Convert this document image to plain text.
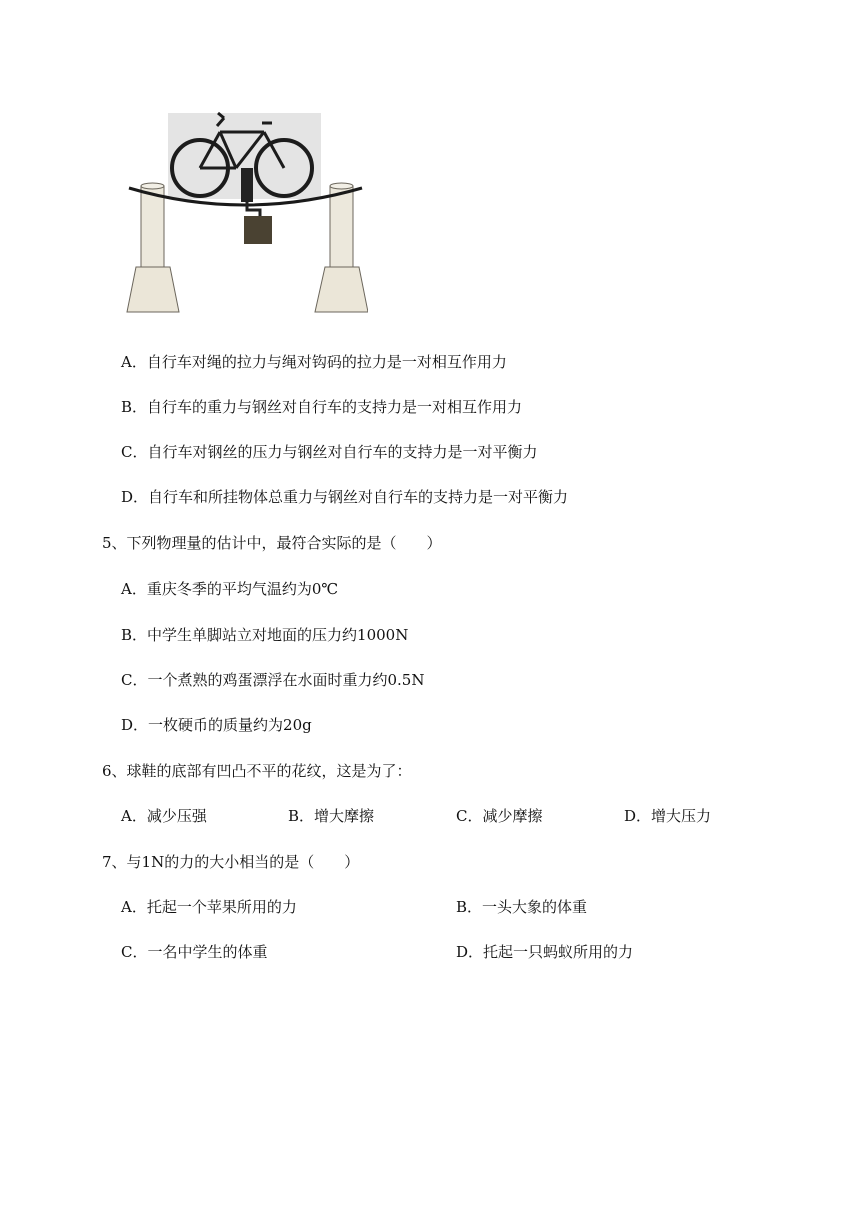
A．自行车对绳的拉力与绳对钩码的拉力是一对相互作用力
B．自行车的重力与钢丝对自行车的支持力是一对相互作用力
C．自行车对钢丝的压力与钢丝对自行车的支持力是一对平衡力
D．自行车和所挂物体总重力与钢丝对自行车的支持力是一对平衡力
5、下列物理量的估计中，最符合实际的是（　　）
A．重庆冬季的平均气温约为0℃
B．中学生单脚站立对地面的压力约1000N
C．一个煮熟的鸡蛋漂浮在水面时重力约0.5N
D．一枚硬币的质量约为20g
6、球鞋的底部有凹凸不平的花纹，这是为了：
A．减少压强	B．增大摩擦	C．减少摩擦	D．增大压力
7、与1N的力的大小相当的是（　　）
A．托起一个苹果所用的力	B．一头大象的体重
C．一名中学生的体重	D．托起一只蚂蚁所用的力
